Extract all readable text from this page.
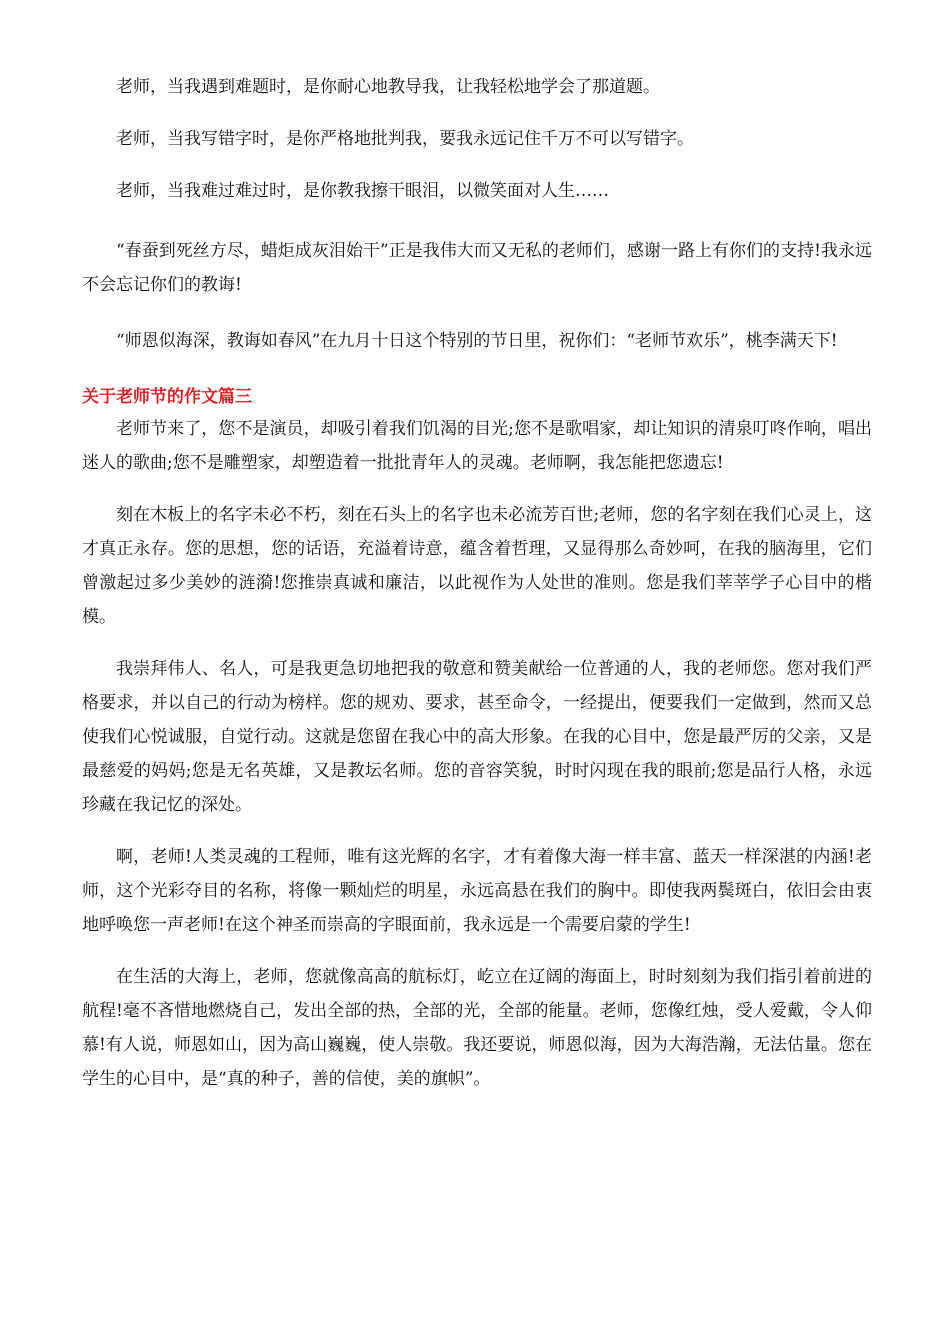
老师，当我遇到难题时，是你耐心地教导我，让我轻松地学会了那道题。

老师，当我写错字时，是你严格地批判我，要我永远记住千万不可以写错字。

老师，当我难过难过时，是你教我擦干眼泪，以微笑面对人生……

“春蚕到死丝方尽，蜡炬成灰泪始干”正是我伟大而又无私的老师们，感谢一路上有你们的支持!我永远不会忘记你们的教诲!

“师恩似海深，教诲如春风”在九月十日这个特别的节日里，祝你们：“老师节欢乐”，桃李满天下!

关于老师节的作文篇三

老师节来了，您不是演员，却吸引着我们饥渴的目光;您不是歌唱家，却让知识的清泉叮咚作响，唱出迷人的歌曲;您不是雕塑家，却塑造着一批批青年人的灵魂。老师啊，我怎能把您遗忘!

刻在木板上的名字未必不朽，刻在石头上的名字也未必流芳百世;老师，您的名字刻在我们心灵上，这才真正永存。您的思想，您的话语，充溢着诗意，蕴含着哲理，又显得那么奇妙呵，在我的脑海里，它们曾激起过多少美妙的涟漪!您推崇真诚和廉洁，以此视作为人处世的准则。您是我们莘莘学子心目中的楷模。

我崇拜伟人、名人，可是我更急切地把我的敬意和赞美献给一位普通的人，我的老师您。您对我们严格要求，并以自己的行动为榜样。您的规劝、要求，甚至命令，一经提出，便要我们一定做到，然而又总使我们心悦诚服，自觉行动。这就是您留在我心中的高大形象。在我的心目中，您是最严厉的父亲，又是最慈爱的妈妈;您是无名英雄，又是教坛名师。您的音容笑貌，时时闪现在我的眼前;您是品行人格，永远珍藏在我记忆的深处。

啊，老师!人类灵魂的工程师，唯有这光辉的名字，才有着像大海一样丰富、蓝天一样深湛的内涵!老师，这个光彩夺目的名称，将像一颗灿烂的明星，永远高悬在我们的胸中。即使我两鬓斑白，依旧会由衷地呼唤您一声老师!在这个神圣而崇高的字眼面前，我永远是一个需要启蒙的学生!

在生活的大海上，老师，您就像高高的航标灯，屹立在辽阔的海面上，时时刻刻为我们指引着前进的航程!毫不吝惜地燃烧自己，发出全部的热，全部的光，全部的能量。老师，您像红烛，受人爱戴，令人仰慕!有人说，师恩如山，因为高山巍巍，使人崇敬。我还要说，师恩似海，因为大海浩瀚，无法估量。您在学生的心目中，是“真的种子，善的信使，美的旗帜”。
